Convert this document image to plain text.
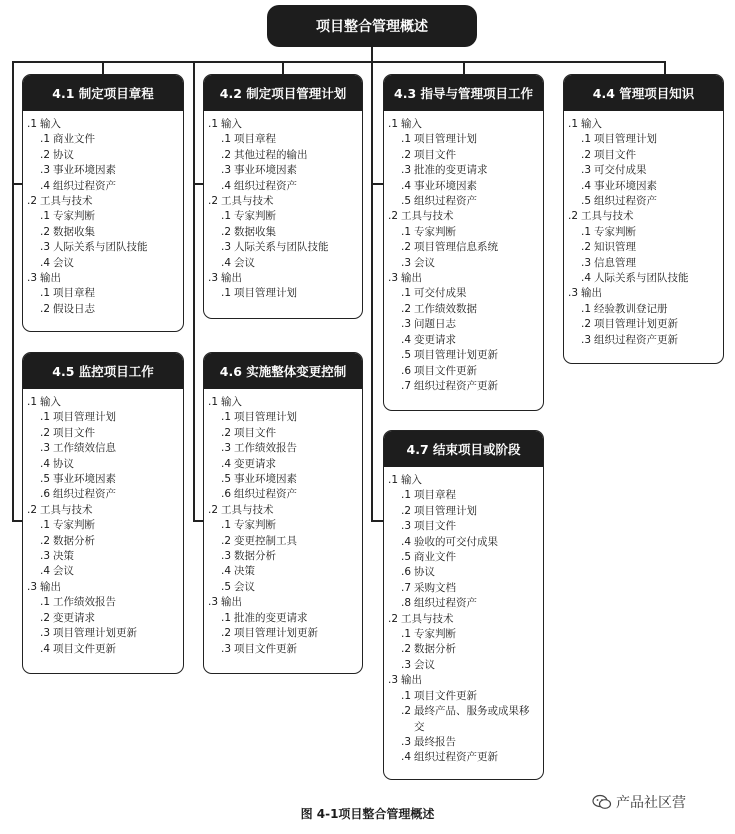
项目整合管理概述
4.1 制定项目章程
.1 输入
.1 商业文件
.2 协议
.3 事业环境因素
.4 组织过程资产
.2 工具与技术
.1 专家判断
.2 数据收集
.3 人际关系与团队技能
.4 会议
.3 输出
.1 项目章程
.2 假设日志
4.2 制定项目管理计划
.1 输入
.1 项目章程
.2 其他过程的输出
.3 事业环境因素
.4 组织过程资产
.2 工具与技术
.1 专家判断
.2 数据收集
.3 人际关系与团队技能
.4 会议
.3 输出
.1 项目管理计划
4.3 指导与管理项目工作
.1 输入
.1 项目管理计划
.2 项目文件
.3 批准的变更请求
.4 事业环境因素
.5 组织过程资产
.2 工具与技术
.1 专家判断
.2 项目管理信息系统
.3 会议
.3 输出
.1 可交付成果
.2 工作绩效数据
.3 问题日志
.4 变更请求
.5 项目管理计划更新
.6 项目文件更新
.7 组织过程资产更新
4.4 管理项目知识
.1 输入
.1 项目管理计划
.2 项目文件
.3 可交付成果
.4 事业环境因素
.5 组织过程资产
.2 工具与技术
.1 专家判断
.2 知识管理
.3 信息管理
.4 人际关系与团队技能
.3 输出
.1 经验教训登记册
.2 项目管理计划更新
.3 组织过程资产更新
4.5 监控项目工作
.1 输入
.1 项目管理计划
.2 项目文件
.3 工作绩效信息
.4 协议
.5 事业环境因素
.6 组织过程资产
.2 工具与技术
.1 专家判断
.2 数据分析
.3 决策
.4 会议
.3 输出
.1 工作绩效报告
.2 变更请求
.3 项目管理计划更新
.4 项目文件更新
4.6 实施整体变更控制
.1 输入
.1 项目管理计划
.2 项目文件
.3 工作绩效报告
.4 变更请求
.5 事业环境因素
.6 组织过程资产
.2 工具与技术
.1 专家判断
.2 变更控制工具
.3 数据分析
.4 决策
.5 会议
.3 输出
.1 批准的变更请求
.2 项目管理计划更新
.3 项目文件更新
4.7 结束项目或阶段
.1 输入
.1 项目章程
.2 项目管理计划
.3 项目文件
.4 验收的可交付成果
.5 商业文件
.6 协议
.7 采购文档
.8 组织过程资产
.2 工具与技术
.1 专家判断
.2 数据分析
.3 会议
.3 输出
.1 项目文件更新
.2 最终产品、服务或成果移交
.3 最终报告
.4 组织过程资产更新
图 4-1项目整合管理概述
产品社区营
